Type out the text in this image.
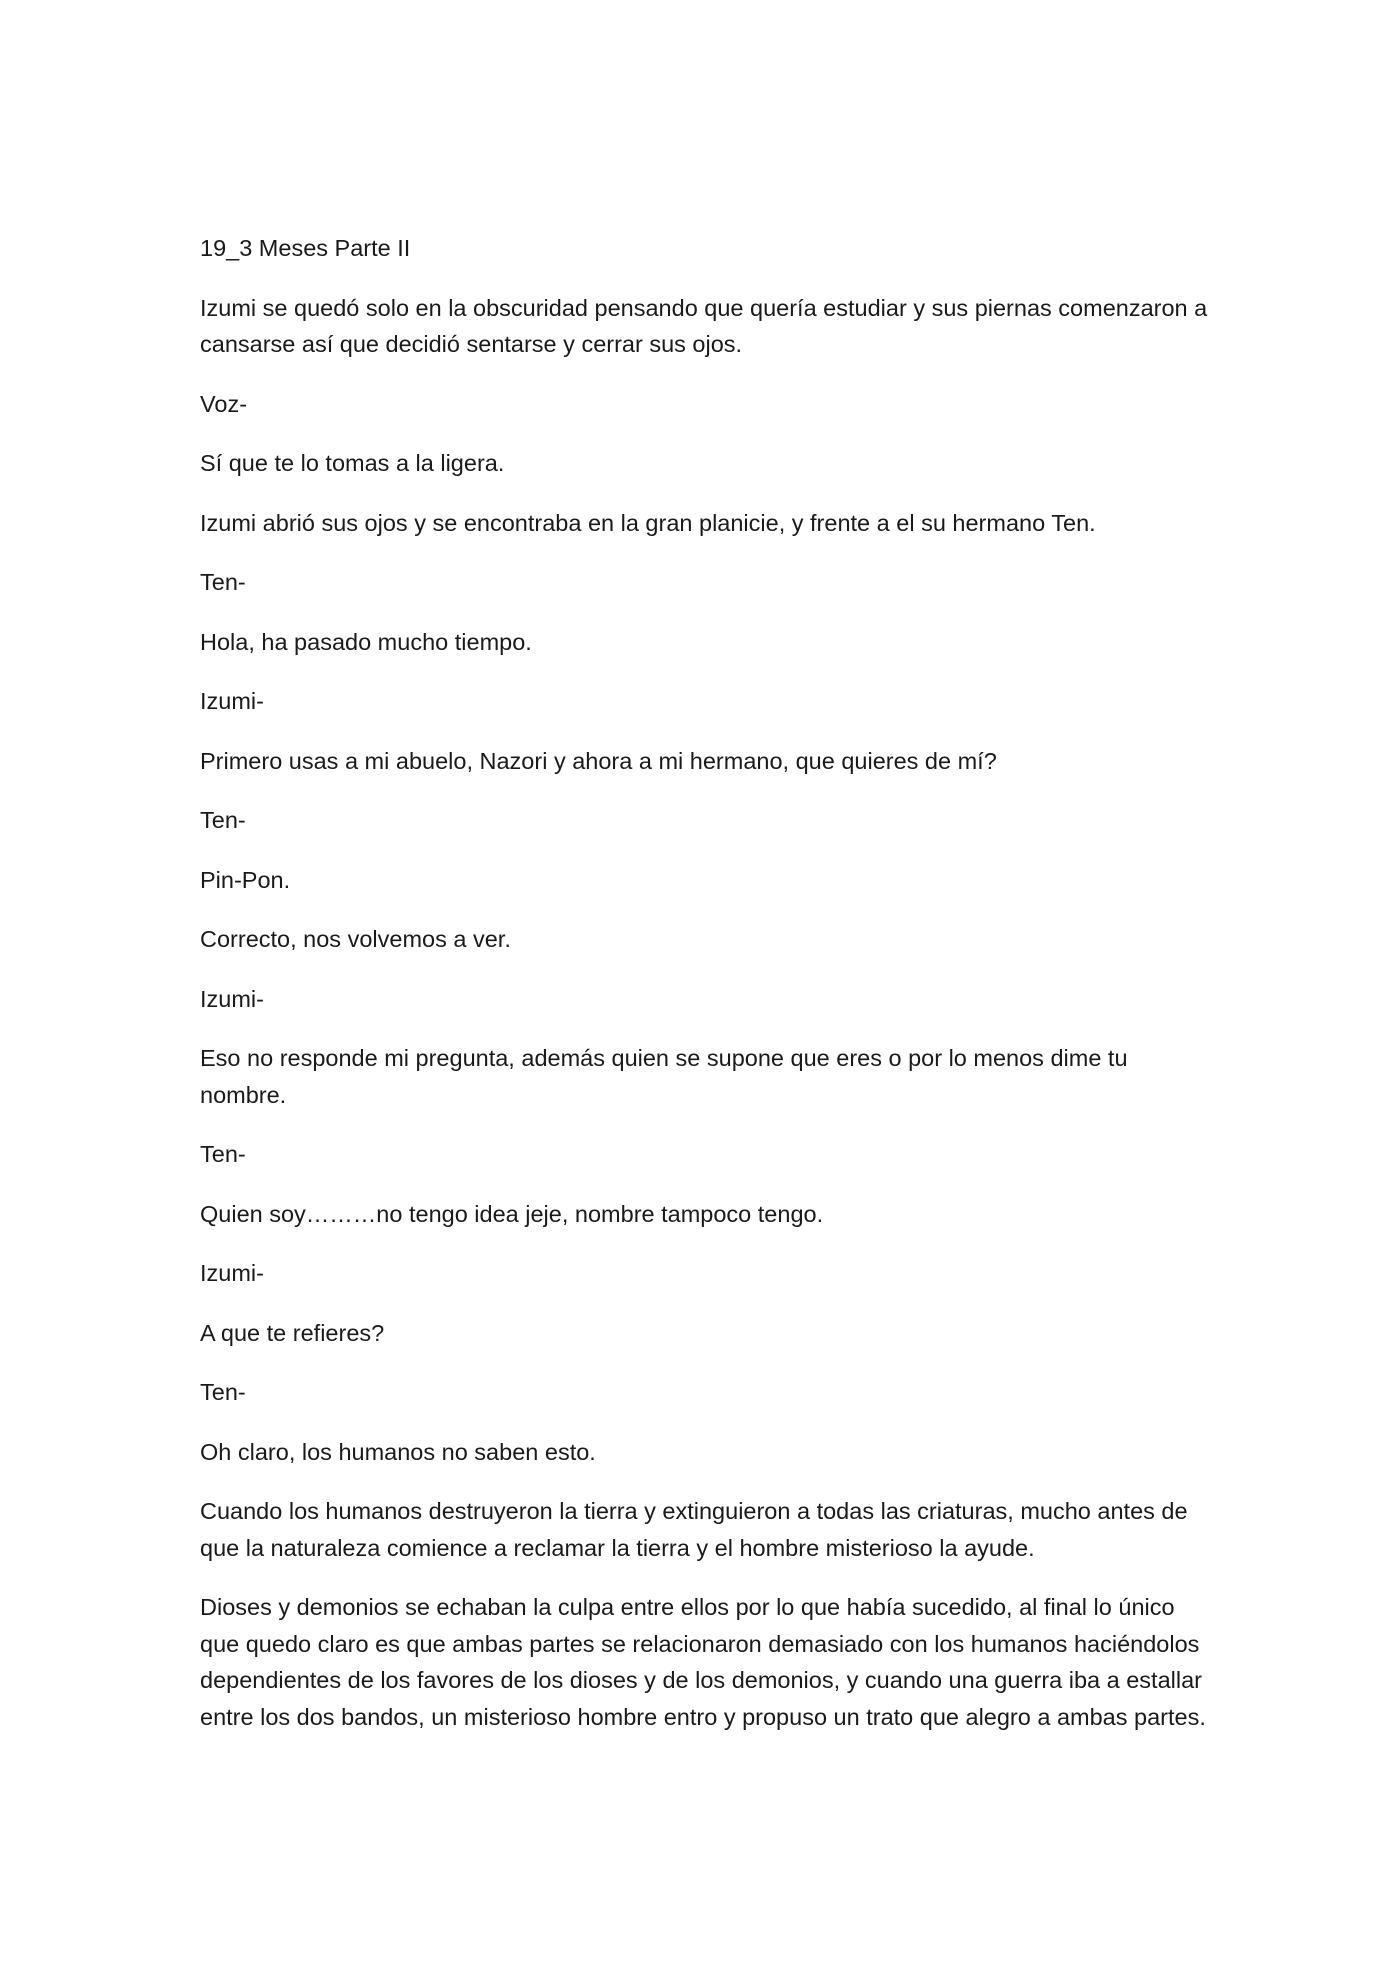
19_3 Meses Parte II

Izumi se quedó solo en la obscuridad pensando que quería estudiar y sus piernas comenzaron a cansarse así que decidió sentarse y cerrar sus ojos.

Voz-

Sí que te lo tomas a la ligera.

Izumi abrió sus ojos y se encontraba en la gran planicie, y frente a el su hermano Ten.

Ten-

Hola, ha pasado mucho tiempo.

Izumi-

Primero usas a mi abuelo, Nazori y ahora a mi hermano, que quieres de mí?

Ten-

Pin-Pon.

Correcto, nos volvemos a ver.

Izumi-

Eso no responde mi pregunta, además quien se supone que eres o por lo menos dime tu nombre.

Ten-

Quien soy………no tengo idea jeje, nombre tampoco tengo.

Izumi-

A que te refieres?

Ten-

Oh claro, los humanos no saben esto.

Cuando los humanos destruyeron la tierra y extinguieron a todas las criaturas, mucho antes de que la naturaleza comience a reclamar la tierra y el hombre misterioso la ayude.

Dioses y demonios se echaban la culpa entre ellos por lo que había sucedido, al final lo único que quedo claro es que ambas partes se relacionaron demasiado con los humanos haciéndolos dependientes de los favores de los dioses y de los demonios, y cuando una guerra iba a estallar entre los dos bandos, un misterioso hombre entro y propuso un trato que alegro a ambas partes.
